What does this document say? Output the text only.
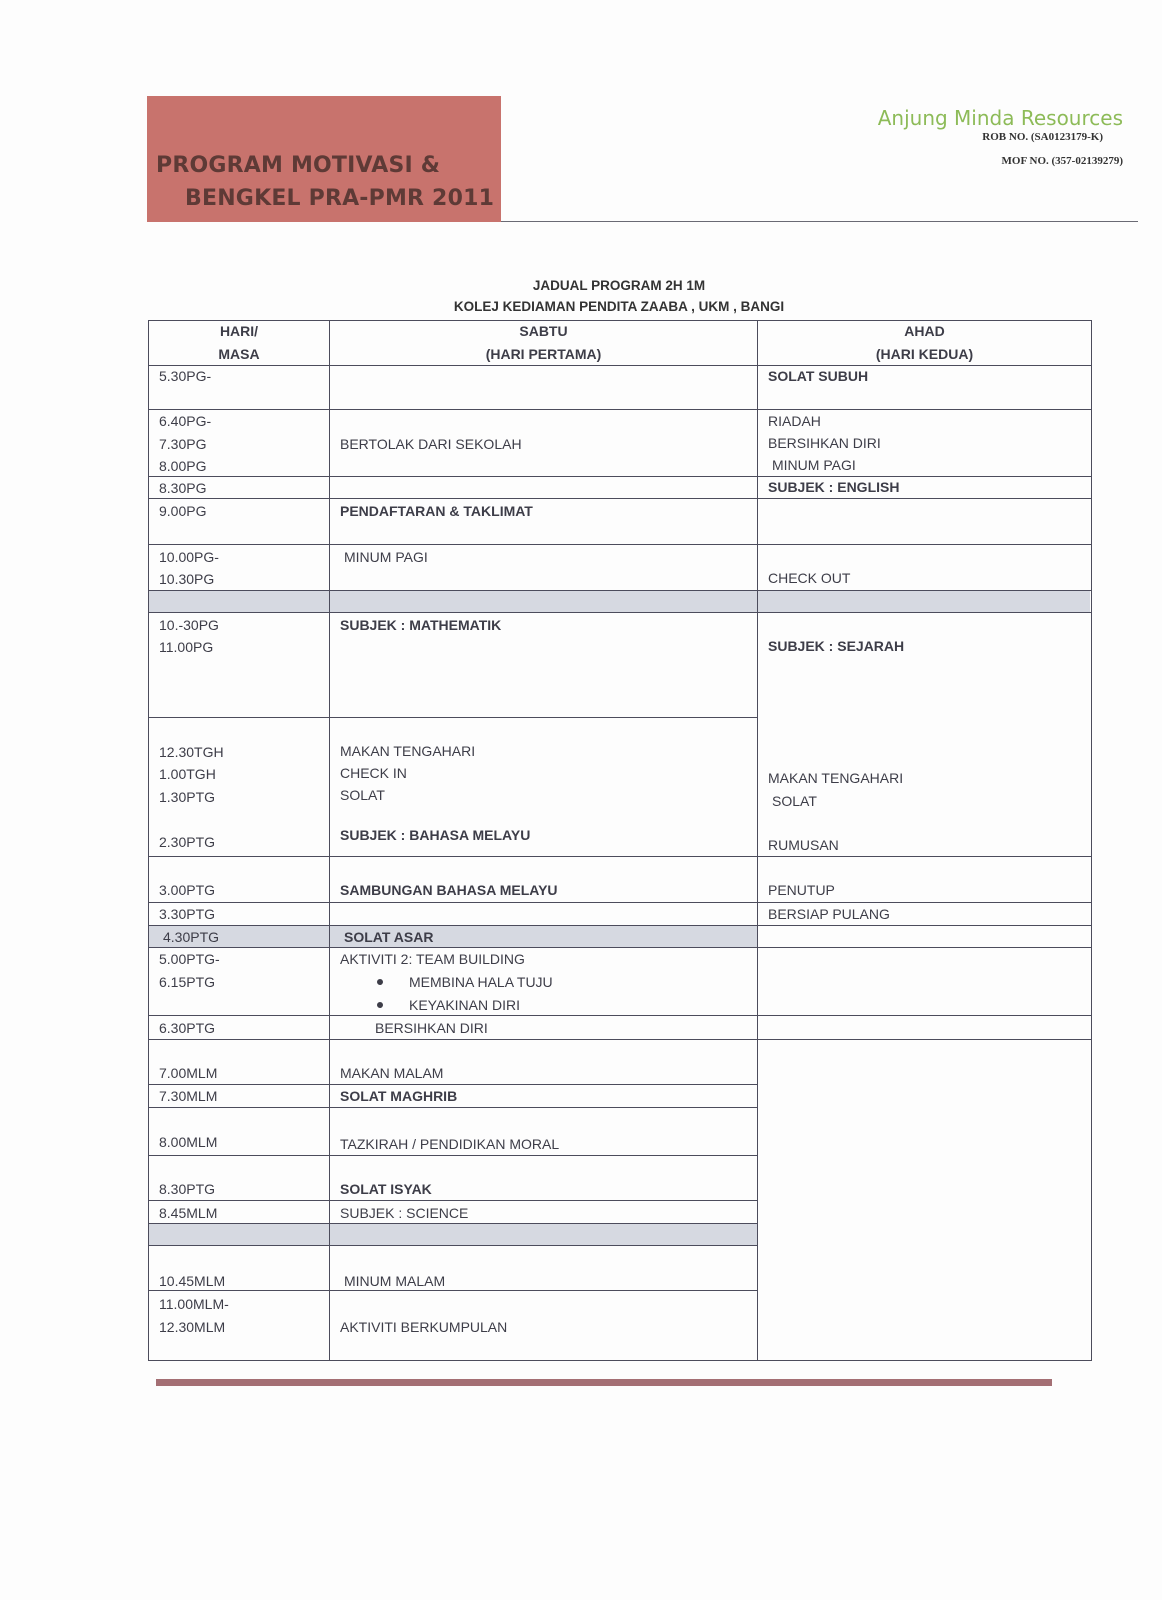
PROGRAM MOTIVASI &
BENGKEL PRA-PMR 2011
Anjung Minda Resources
ROB NO. (SA0123179-K)
MOF NO. (357-02139279)
JADUAL PROGRAM 2H 1M
KOLEJ KEDIAMAN PENDITA ZAABA , UKM , BANGI
HARI/
MASA
SABTU
(HARI PERTAMA)
AHAD
(HARI KEDUA)
5.30PG-
6.40PG-
7.30PG
8.00PG
8.30PG
9.00PG
10.00PG-
10.30PG
10.-30PG
11.00PG
12.30TGH
1.00TGH
1.30PTG
2.30PTG
3.00PTG
3.30PTG
4.30PTG
5.00PTG-
6.15PTG
6.30PTG
7.00MLM
7.30MLM
8.00MLM
8.30PTG
8.45MLM
10.45MLM
11.00MLM-
12.30MLM
BERTOLAK DARI SEKOLAH
PENDAFTARAN & TAKLIMAT
MINUM PAGI
SUBJEK : MATHEMATIK
MAKAN TENGAHARI
CHECK IN
SOLAT
SUBJEK : BAHASA MELAYU
SAMBUNGAN BAHASA MELAYU
SOLAT ASAR
AKTIVITI 2: TEAM BUILDING
MEMBINA HALA TUJU
KEYAKINAN DIRI
BERSIHKAN DIRI
MAKAN MALAM
SOLAT MAGHRIB
TAZKIRAH / PENDIDIKAN MORAL
SOLAT ISYAK
SUBJEK : SCIENCE
MINUM MALAM
AKTIVITI BERKUMPULAN
SOLAT SUBUH
RIADAH
BERSIHKAN DIRI
MINUM PAGI
SUBJEK : ENGLISH
CHECK OUT
SUBJEK : SEJARAH
MAKAN TENGAHARI
SOLAT
RUMUSAN
PENUTUP
BERSIAP PULANG
